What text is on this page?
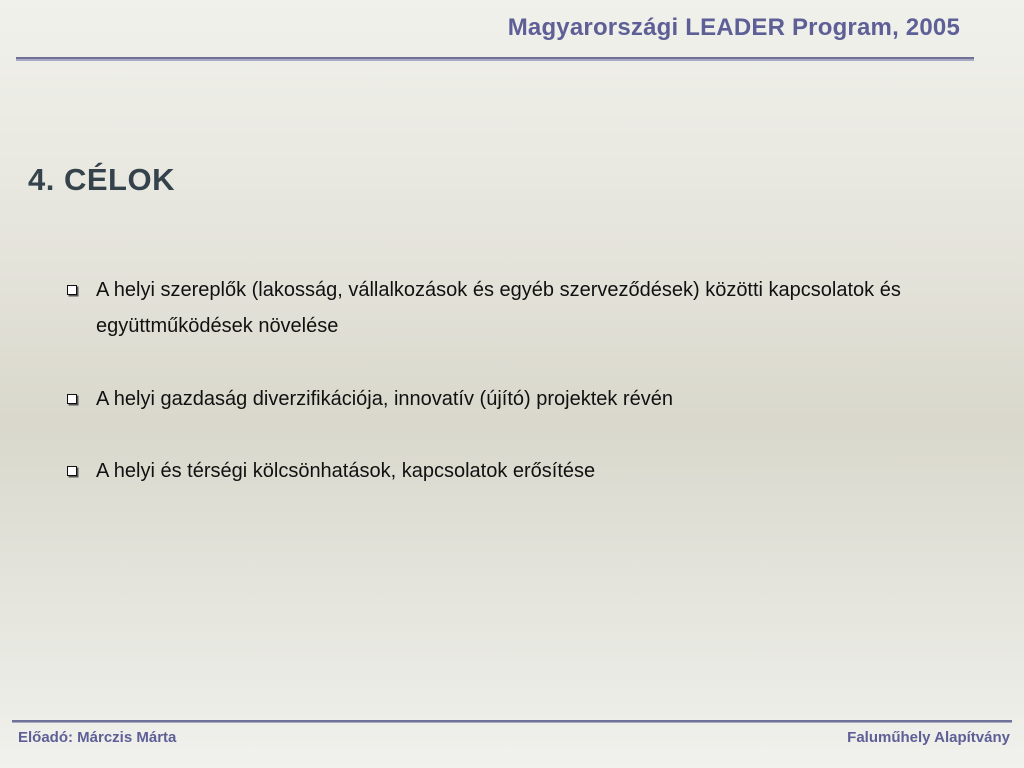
Magyarországi LEADER Program, 2005
4. CÉLOK
A helyi szereplők (lakosság, vállalkozások és egyéb szerveződések) közötti kapcsolatok és együttműködések növelése
A helyi gazdaság diverzifikációja, innovatív (újító) projektek révén
A helyi és térségi kölcsönhatások, kapcsolatok erősítése
Előadó: Márczis Márta	Faluműhely Alapítvány
